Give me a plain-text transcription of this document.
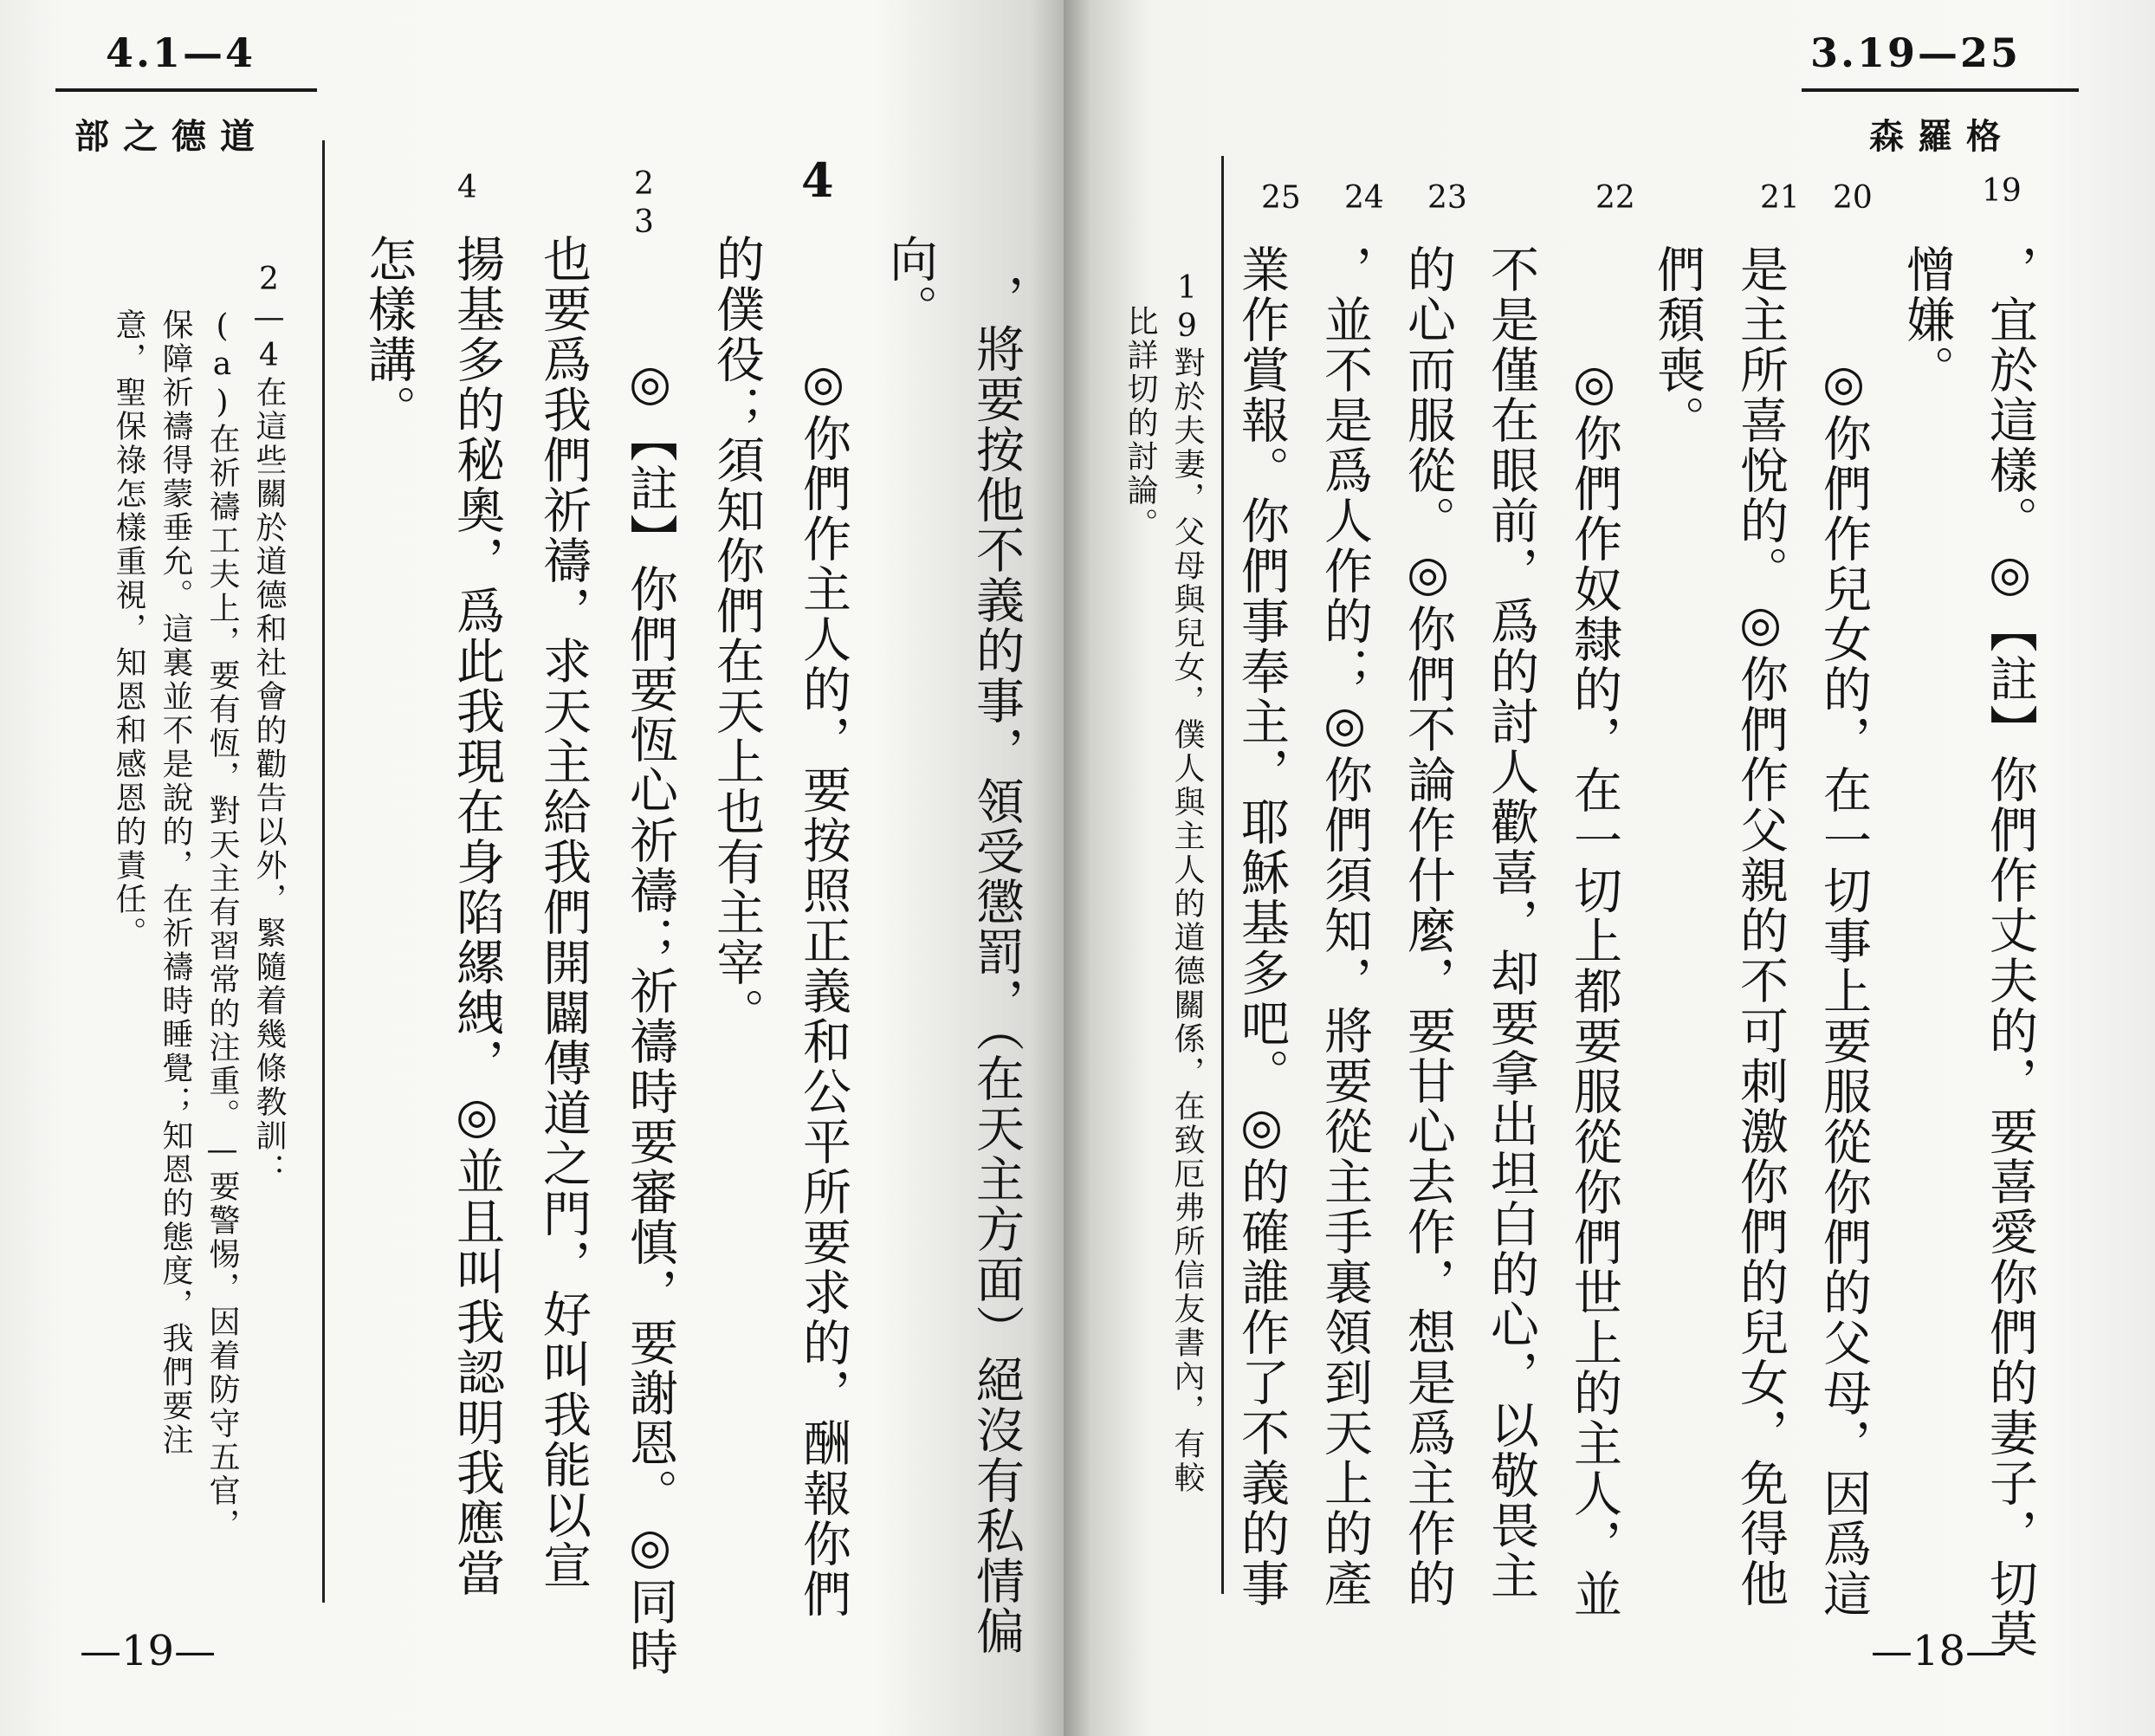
4.1—4
部之德道
，將要按他不義的事，領受懲罰，（在天主方面）絕沒有私情偏
向。
◎你們作主人的，要按照正義和公平所要求的，酬報你們
的僕役；須知你們在天上也有主宰。
◎【註】你們要恆心祈禱；祈禱時要審慎，要謝恩。◎同時
也要爲我們祈禱，求天主給我們開闢傳道之門，好叫我能以宣
揚基多的秘奧，爲此我現在身陷縲絏，◎並且叫我認明我應當
怎樣講。
4
2
3
4
2—4在這些關於道德和社會的勸告以外，緊隨着幾條教訓：
(a)在祈禱工夫上，要有恆，對天主有習常的注重。—要警惕，因着防守五官，
保障祈禱得蒙垂允。這裏並不是說的，在祈禱時睡覺；知恩的態度，我們要注
意，聖保祿怎樣重視，知恩和感恩的責任。
—19—
3.19—25
森羅格
25 24 23	22	21 20	19
，宜於這樣。◎【註】你們作丈夫的，要喜愛你們的妻子，切莫
憎嫌。
◎你們作兒女的，在一切事上要服從你們的父母，因爲這
是主所喜悅的。◎你們作父親的不可刺激你們的兒女，免得他
們頹喪。
◎你們作奴隸的，在一切上都要服從你們世上的主人，並
不是僅在眼前，爲的討人歡喜，却要拿出坦白的心，以敬畏主
的心而服從。◎你們不論作什麼，要甘心去作，想是爲主作的
，並不是爲人作的；◎你們須知，將要從主手裏領到天上的產
業作賞報。你們事奉主，耶穌基多吧。◎的確誰作了不義的事
19對於夫妻，父母與兒女，僕人與主人的道德關係，在致厄弗所信友書內，有較
比詳切的討論。
—18—
